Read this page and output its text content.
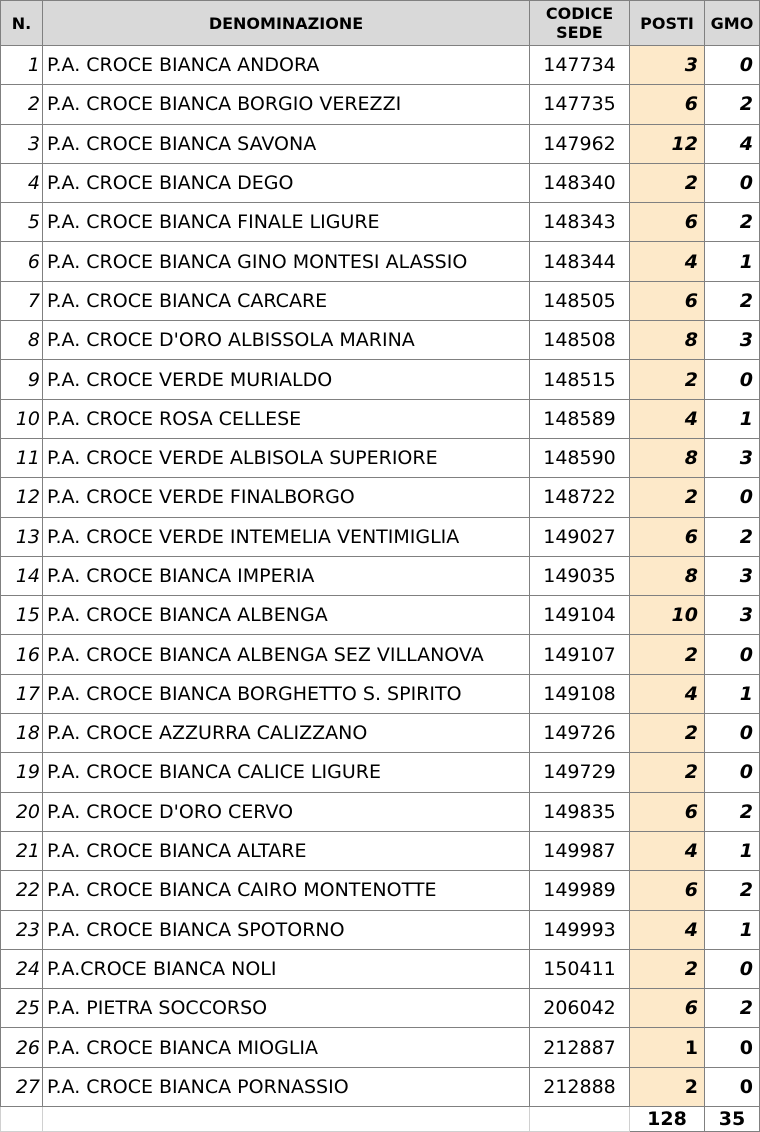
N.	DENOMINAZIONE	CODICE SEDE	POSTI	GMO
1	P.A. CROCE BIANCA ANDORA	147734	3	0
2	P.A. CROCE BIANCA BORGIO VEREZZI	147735	6	2
3	P.A. CROCE BIANCA SAVONA	147962	12	4
4	P.A. CROCE BIANCA DEGO	148340	2	0
5	P.A. CROCE BIANCA FINALE LIGURE	148343	6	2
6	P.A. CROCE BIANCA GINO MONTESI ALASSIO	148344	4	1
7	P.A. CROCE BIANCA CARCARE	148505	6	2
8	P.A. CROCE D'ORO ALBISSOLA MARINA	148508	8	3
9	P.A. CROCE VERDE MURIALDO	148515	2	0
10	P.A. CROCE ROSA CELLESE	148589	4	1
11	P.A. CROCE VERDE ALBISOLA SUPERIORE	148590	8	3
12	P.A. CROCE VERDE FINALBORGO	148722	2	0
13	P.A. CROCE VERDE INTEMELIA VENTIMIGLIA	149027	6	2
14	P.A. CROCE BIANCA IMPERIA	149035	8	3
15	P.A. CROCE BIANCA ALBENGA	149104	10	3
16	P.A. CROCE BIANCA ALBENGA SEZ VILLANOVA	149107	2	0
17	P.A. CROCE BIANCA BORGHETTO S. SPIRITO	149108	4	1
18	P.A. CROCE AZZURRA CALIZZANO	149726	2	0
19	P.A. CROCE BIANCA CALICE LIGURE	149729	2	0
20	P.A. CROCE D'ORO CERVO	149835	6	2
21	P.A. CROCE BIANCA ALTARE	149987	4	1
22	P.A. CROCE BIANCA CAIRO MONTENOTTE	149989	6	2
23	P.A. CROCE BIANCA SPOTORNO	149993	4	1
24	P.A.CROCE BIANCA NOLI	150411	2	0
25	P.A. PIETRA SOCCORSO	206042	6	2
26	P.A. CROCE BIANCA MIOGLIA	212887	1	0
27	P.A. CROCE BIANCA PORNASSIO	212888	2	0
			128	35
